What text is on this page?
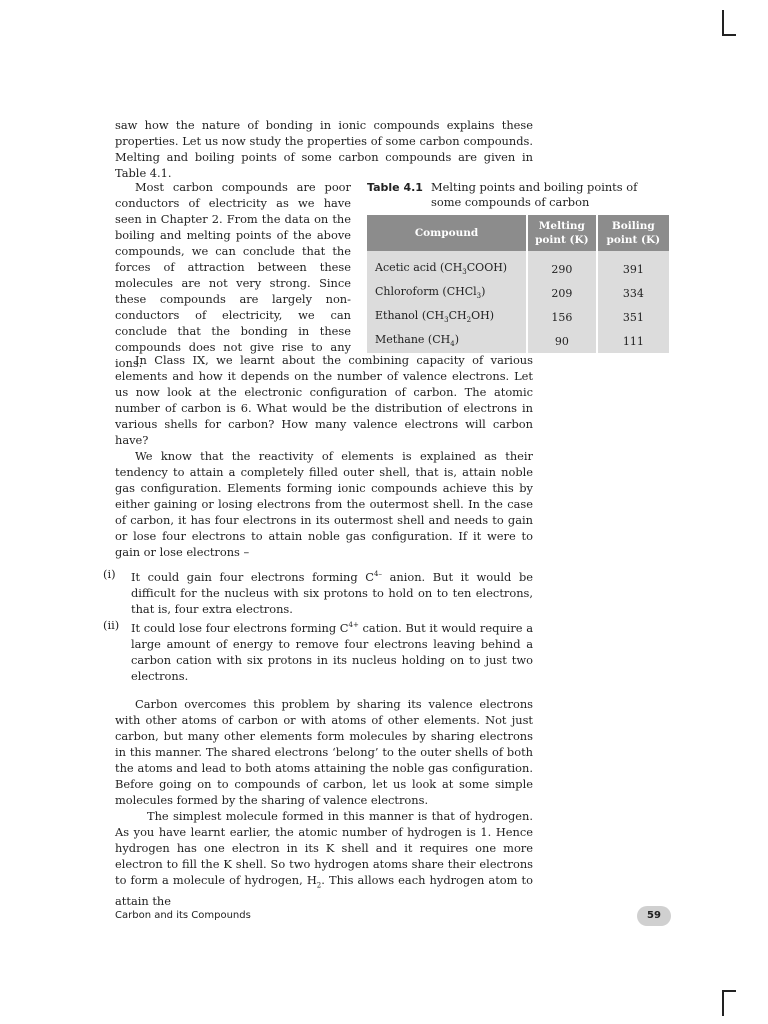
saw how the nature of bonding in ionic compounds explains these properties. Let us now study the properties of some carbon compounds. Melting and boiling points of some carbon compounds are given in Table 4.1.

Most carbon compounds are poor conductors of electricity as we have seen in Chapter 2. From the data on the boiling and melting points of the above compounds, we can conclude that the forces of attraction between these molecules are not very strong. Since these compounds are largely non-conductors of electricity, we can conclude that the bonding in these compounds does not give rise to any ions.

Table 4.1 Melting points and boiling points of some compounds of carbon
Compound	Melting point (K)	Boiling point (K)
Acetic acid $(CH_3COOH)$	290	391
Chloroform (CHCl$_3$)	209	334
Ethanol $(CH_3CH_2OH)$	156	351
Methane $(CH_4)$	90	111

In Class IX, we learnt about the combining capacity of various elements and how it depends on the number of valence electrons. Let us now look at the electronic configuration of carbon. The atomic number of carbon is 6. What would be the distribution of electrons in various shells for carbon? How many valence electrons will carbon have?

We know that the reactivity of elements is explained as their tendency to attain a completely filled outer shell, that is, attain noble gas configuration. Elements forming ionic compounds achieve this by either gaining or losing electrons from the outermost shell. In the case of carbon, it has four electrons in its outermost shell and needs to gain or lose four electrons to attain noble gas configuration. If it were to gain or lose electrons –

(i) It could gain four electrons forming $C^{4-}$ anion. But it would be difficult for the nucleus with six protons to hold on to ten electrons, that is, four extra electrons.
(ii) It could lose four electrons forming $C^{4+}$ cation. But it would require a large amount of energy to remove four electrons leaving behind a carbon cation with six protons in its nucleus holding on to just two electrons.

Carbon overcomes this problem by sharing its valence electrons with other atoms of carbon or with atoms of other elements. Not just carbon, but many other elements form molecules by sharing electrons in this manner. The shared electrons ‘belong’ to the outer shells of both the atoms and lead to both atoms attaining the noble gas configuration. Before going on to compounds of carbon, let us look at some simple molecules formed by the sharing of valence electrons.

The simplest molecule formed in this manner is that of hydrogen. As you have learnt earlier, the atomic number of hydrogen is 1. Hence hydrogen has one electron in its K shell and it requires one more electron to fill the K shell. So two hydrogen atoms share their electrons to form a molecule of hydrogen, $H_2$. This allows each hydrogen atom to attain the

Carbon and its Compounds	59
